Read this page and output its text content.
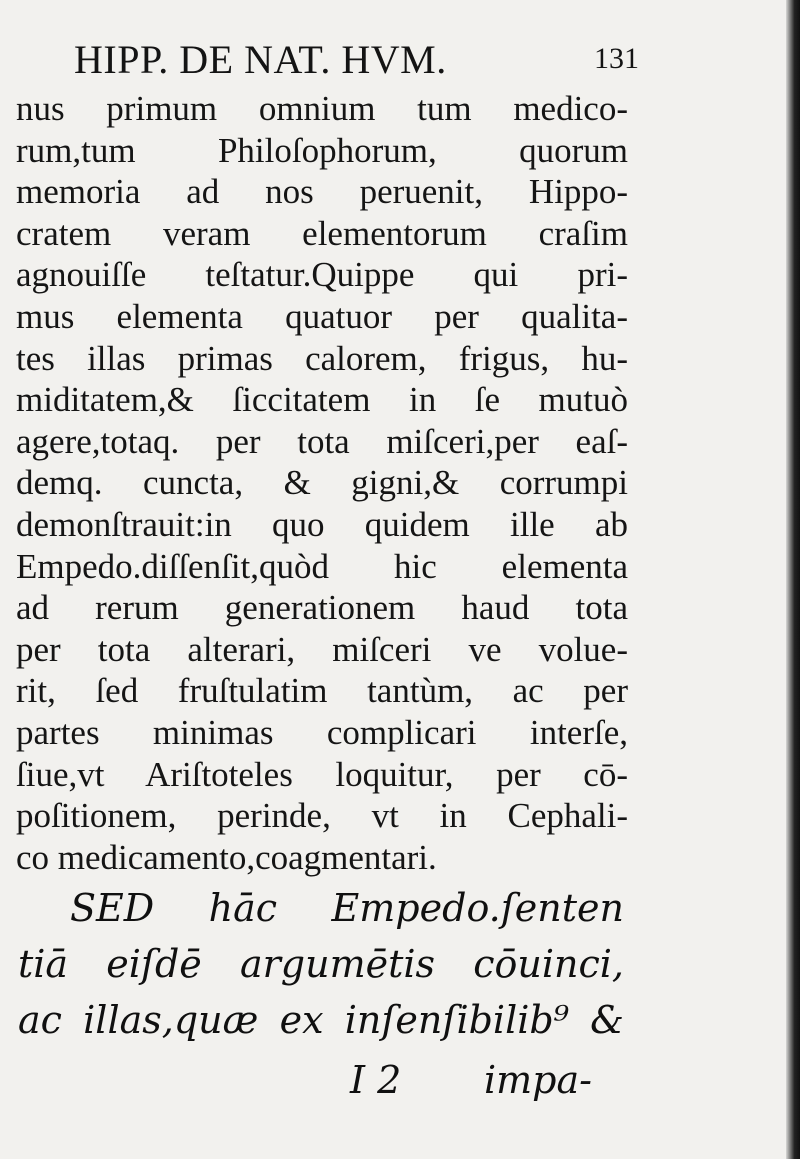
HIPP. DE NAT. HVM.	131
nus primum omnium tum medico-
rum,tum Philoſophorum, quorum
memoria ad nos peruenit, Hippo-
cratem veram elementorum craſim
agnouiſſe teſtatur.Quippe qui pri-
mus elementa quatuor per qualita-
tes illas primas calorem, frigus, hu-
miditatem,& ſiccitatem in ſe mutuò
agere,totaq. per tota miſceri,per eaſ-
demq. cuncta, & gigni,& corrumpi
demonſtrauit:in quo quidem ille ab
Empedo.diſſenſit,quòd hic elementa
ad rerum generationem haud tota
per tota alterari, miſceri ve volue-
rit, ſed fruſtulatim tantùm, ac per
partes minimas complicari interſe,
ſiue,vt Ariſtoteles loquitur, per cō-
poſitionem, perinde, vt in Cephali-
co medicamento,coagmentari.
SED hāc Empedo.ſenten
tiā eiſdē argumētis cōuinci,
ac illas,quæ ex inſenſibilib⁹ &
I 2 impa-
